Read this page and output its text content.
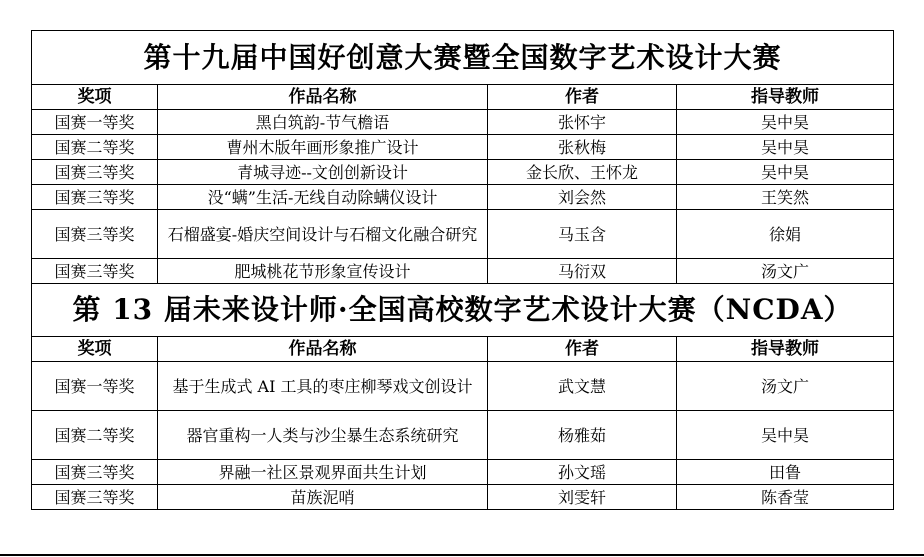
第十九届中国好创意大赛暨全国数字艺术设计大赛			
奖项	作品名称	作者	指导教师
国赛一等奖	黑白筑韵-节气檐语	张怀宇	吴中昊
国赛二等奖	曹州木版年画形象推广设计	张秋梅	吴中昊
国赛三等奖	青城寻迹--文创创新设计	金长欣、王怀龙	吴中昊
国赛三等奖	没“螨”生活-无线自动除螨仪设计	刘会然	王笑然
国赛三等奖	石榴盛宴-婚庆空间设计与石榴文化融合研究	马玉含	徐娟
国赛三等奖	肥城桃花节形象宣传设计	马衍双	汤文广
第 13 届未来设计师·全国高校数字艺术设计大赛（NCDA）			
奖项	作品名称	作者	指导教师
国赛一等奖	基于生成式 AI 工具的枣庄柳琴戏文创设计	武文慧	汤文广
国赛二等奖	器官重构一人类与沙尘暴生态系统研究	杨雅茹	吴中昊
国赛三等奖	界融一社区景观界面共生计划	孙文瑶	田鲁
国赛三等奖	苗族泥哨	刘雯轩	陈香莹
